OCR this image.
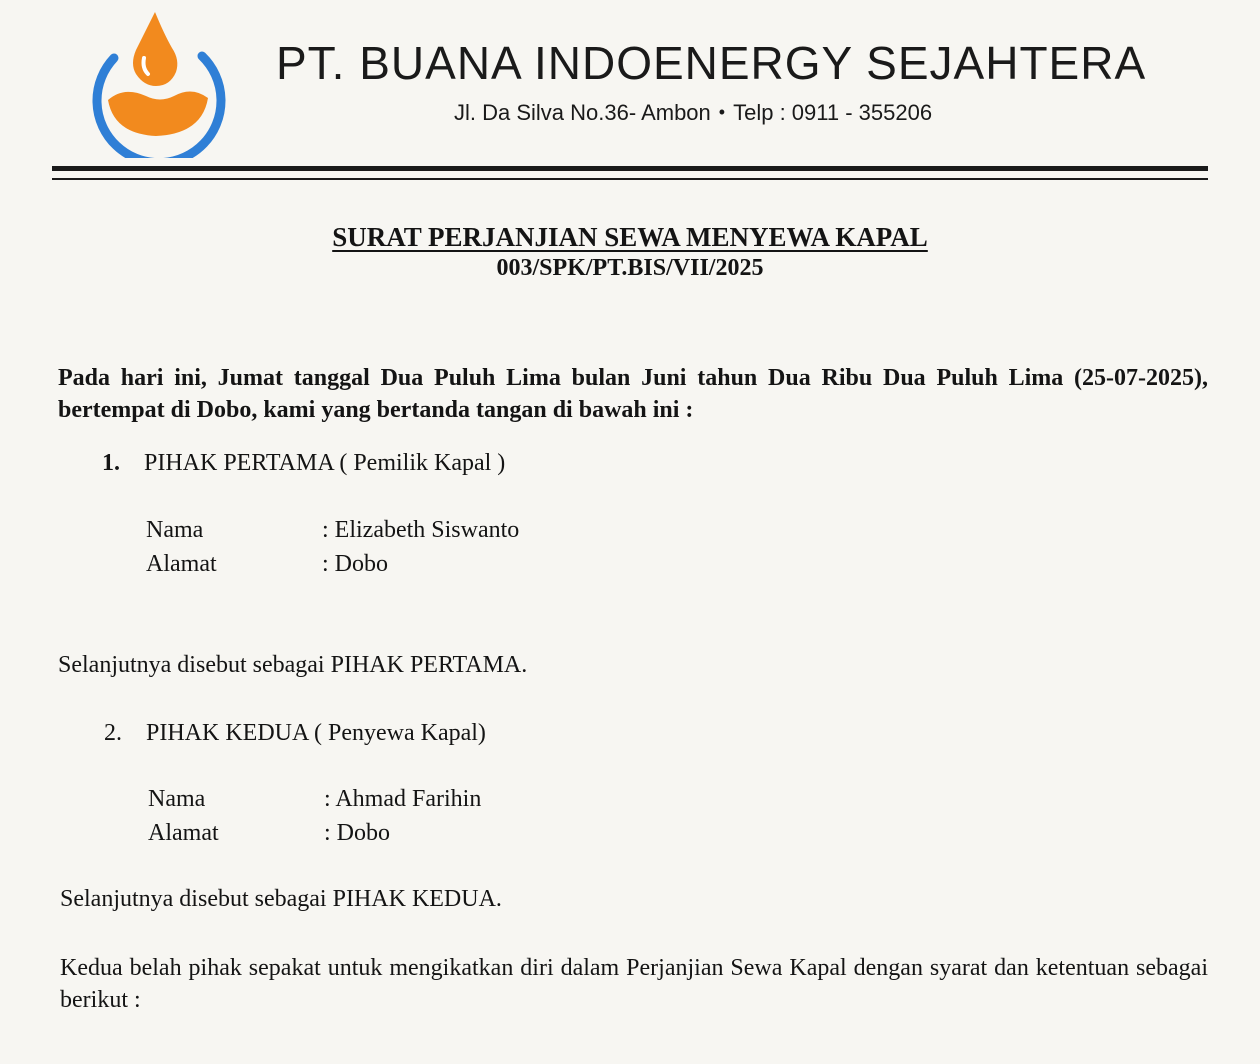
PT. BUANA INDOENERGY SEJAHTERA
Jl. Da Silva No.36- Ambon • Telp : 0911 - 355206
SURAT PERJANJIAN SEWA MENYEWA KAPAL
003/SPK/PT.BIS/VII/2025
Pada hari ini, Jumat tanggal Dua Puluh Lima bulan Juni tahun Dua Ribu Dua Puluh Lima (25-07-2025), bertempat di Dobo, kami yang bertanda tangan di bawah ini :
1. PIHAK PERTAMA ( Pemilik Kapal )
Nama	: Elizabeth Siswanto
Alamat	: Dobo
Selanjutnya disebut sebagai PIHAK PERTAMA.
2. PIHAK KEDUA ( Penyewa Kapal)
Nama	: Ahmad Farihin
Alamat	: Dobo
Selanjutnya disebut sebagai PIHAK KEDUA.
Kedua belah pihak sepakat untuk mengikatkan diri dalam Perjanjian Sewa Kapal dengan syarat dan ketentuan sebagai berikut :
